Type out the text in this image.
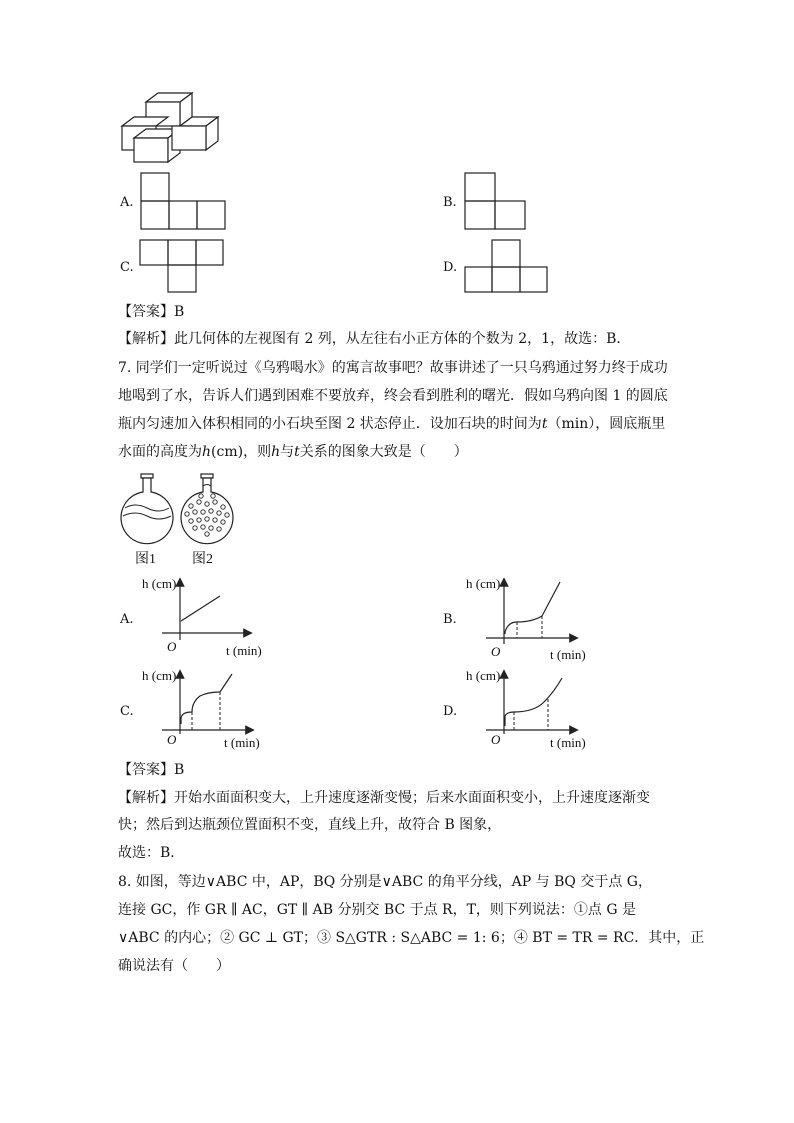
A.	B.
C.	D.
【答案】B
【解析】此几何体的左视图有 2 列，从左往右小正方体的个数为 2，1，故选：B．
7. 同学们一定听说过《乌鸦喝水》的寓言故事吧？故事讲述了一只乌鸦通过努力终于成功
地喝到了水，告诉人们遇到困难不要放弃，终会看到胜利的曙光．假如乌鸦向图 1 的圆底
瓶内匀速加入体积相同的小石块至图 2 状态停止．设加石块的时间为t（min），圆底瓶里
水面的高度为h(cm)，则h与t关系的图象大致是（　　）
图1	图2
A.	B.
C.	D.
h (cm)
O	t (min)
h (cm)
O	t (min)
h (cm)
O	t (min)
h (cm)
O	t (min)
【答案】B
【解析】开始水面面积变大，上升速度逐渐变慢；后来水面面积变小，上升速度逐渐变
快；然后到达瓶颈位置面积不变，直线上升，故符合 B 图象，
故选：B．
8. 如图，等边∨ABC 中，AP，BQ 分别是∨ABC 的角平分线，AP 与 BQ 交于点 G，
连接 GC，作 GR ∥ AC，GT ∥ AB 分别交 BC 于点 R，T，则下列说法：①点 G 是
∨ABC 的内心；② GC ⊥ GT；③ S△GTR : S△ABC = 1: 6；④ BT = TR = RC．其中，正
确说法有（　　）
